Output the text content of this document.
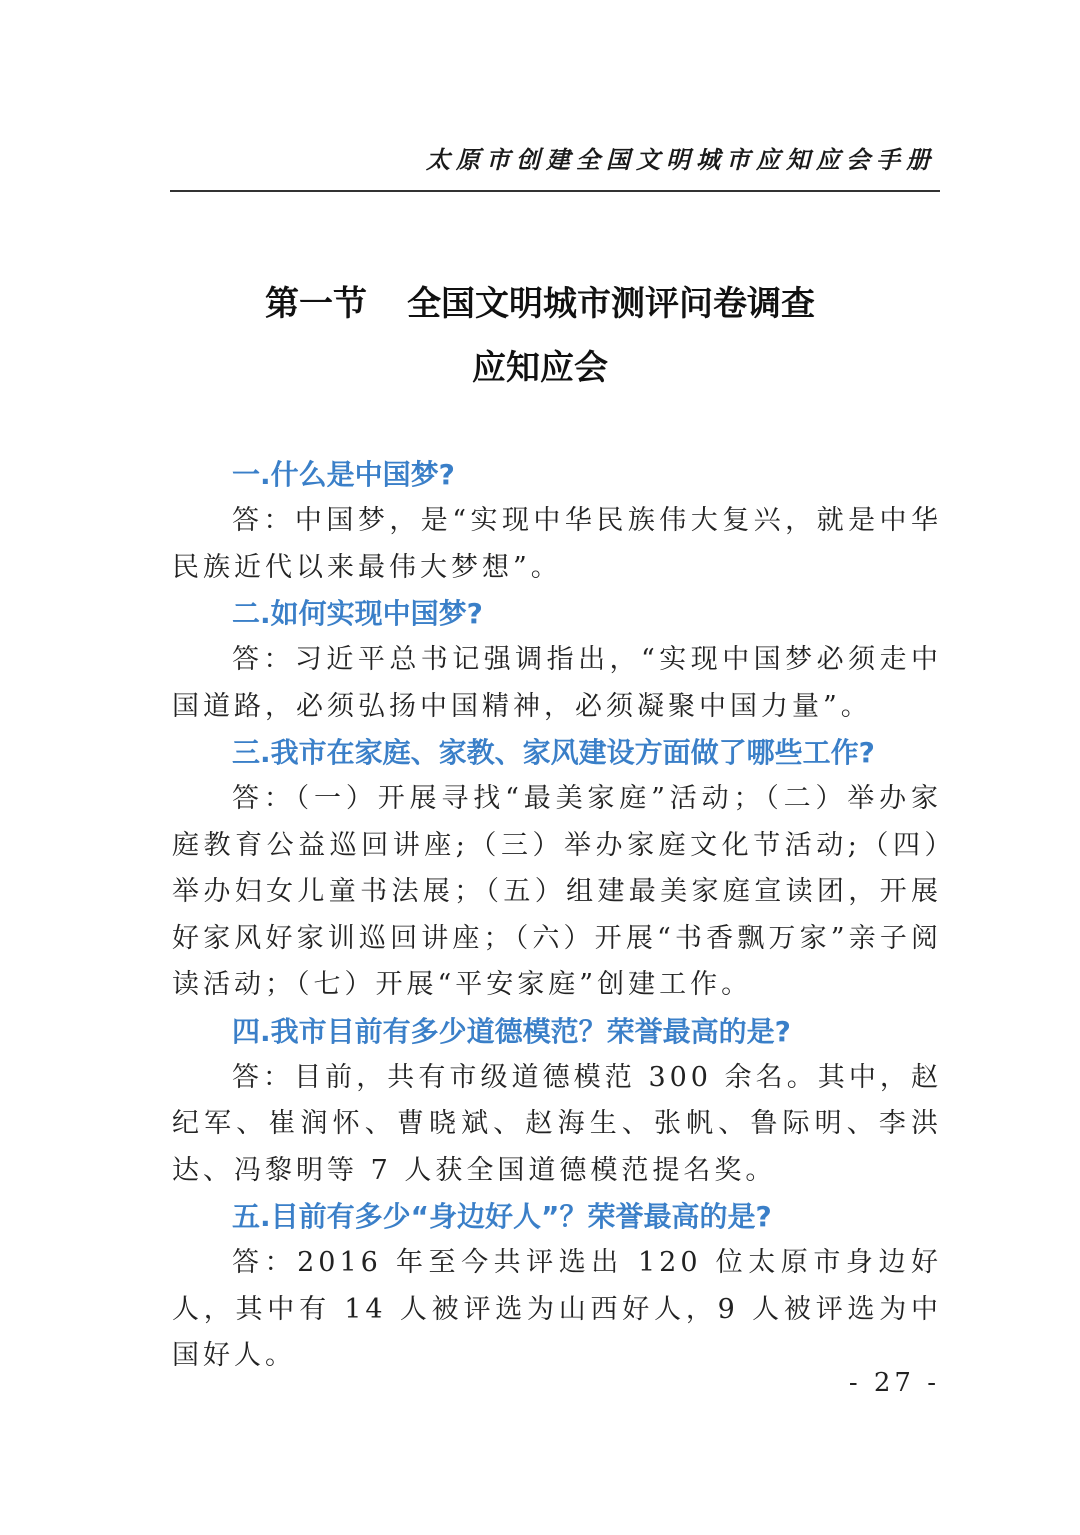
太原市创建全国文明城市应知应会手册
第一节 全国文明城市测评问卷调查
应知应会

一.什么是中国梦?

答：中国梦，是“实现中华民族伟大复兴，就是中华民族近代以来最伟大梦想”。

二.如何实现中国梦?

答：习近平总书记强调指出，“实现中国梦必须走中国道路，必须弘扬中国精神，必须凝聚中国力量”。

三.我市在家庭、家教、家风建设方面做了哪些工作?

答：（一）开展寻找“最美家庭”活动；（二）举办家庭教育公益巡回讲座;（三）举办家庭文化节活动;（四）举办妇女儿童书法展；（五）组建最美家庭宣读团，开展好家风好家训巡回讲座；（六）开展“书香飘万家”亲子阅读活动；（七）开展“平安家庭”创建工作。

四.我市目前有多少道德模范？荣誉最高的是?

答：目前，共有市级道德模范 300 余名。其中，赵纪军、崔润怀、曹晓斌、赵海生、张帆、鲁际明、李洪达、冯黎明等 7 人获全国道德模范提名奖。

五.目前有多少“身边好人”？荣誉最高的是?

答：2016 年至今共评选出 120 位太原市身边好人，其中有 14 人被评选为山西好人，9 人被评选为中国好人。

- 27 -
